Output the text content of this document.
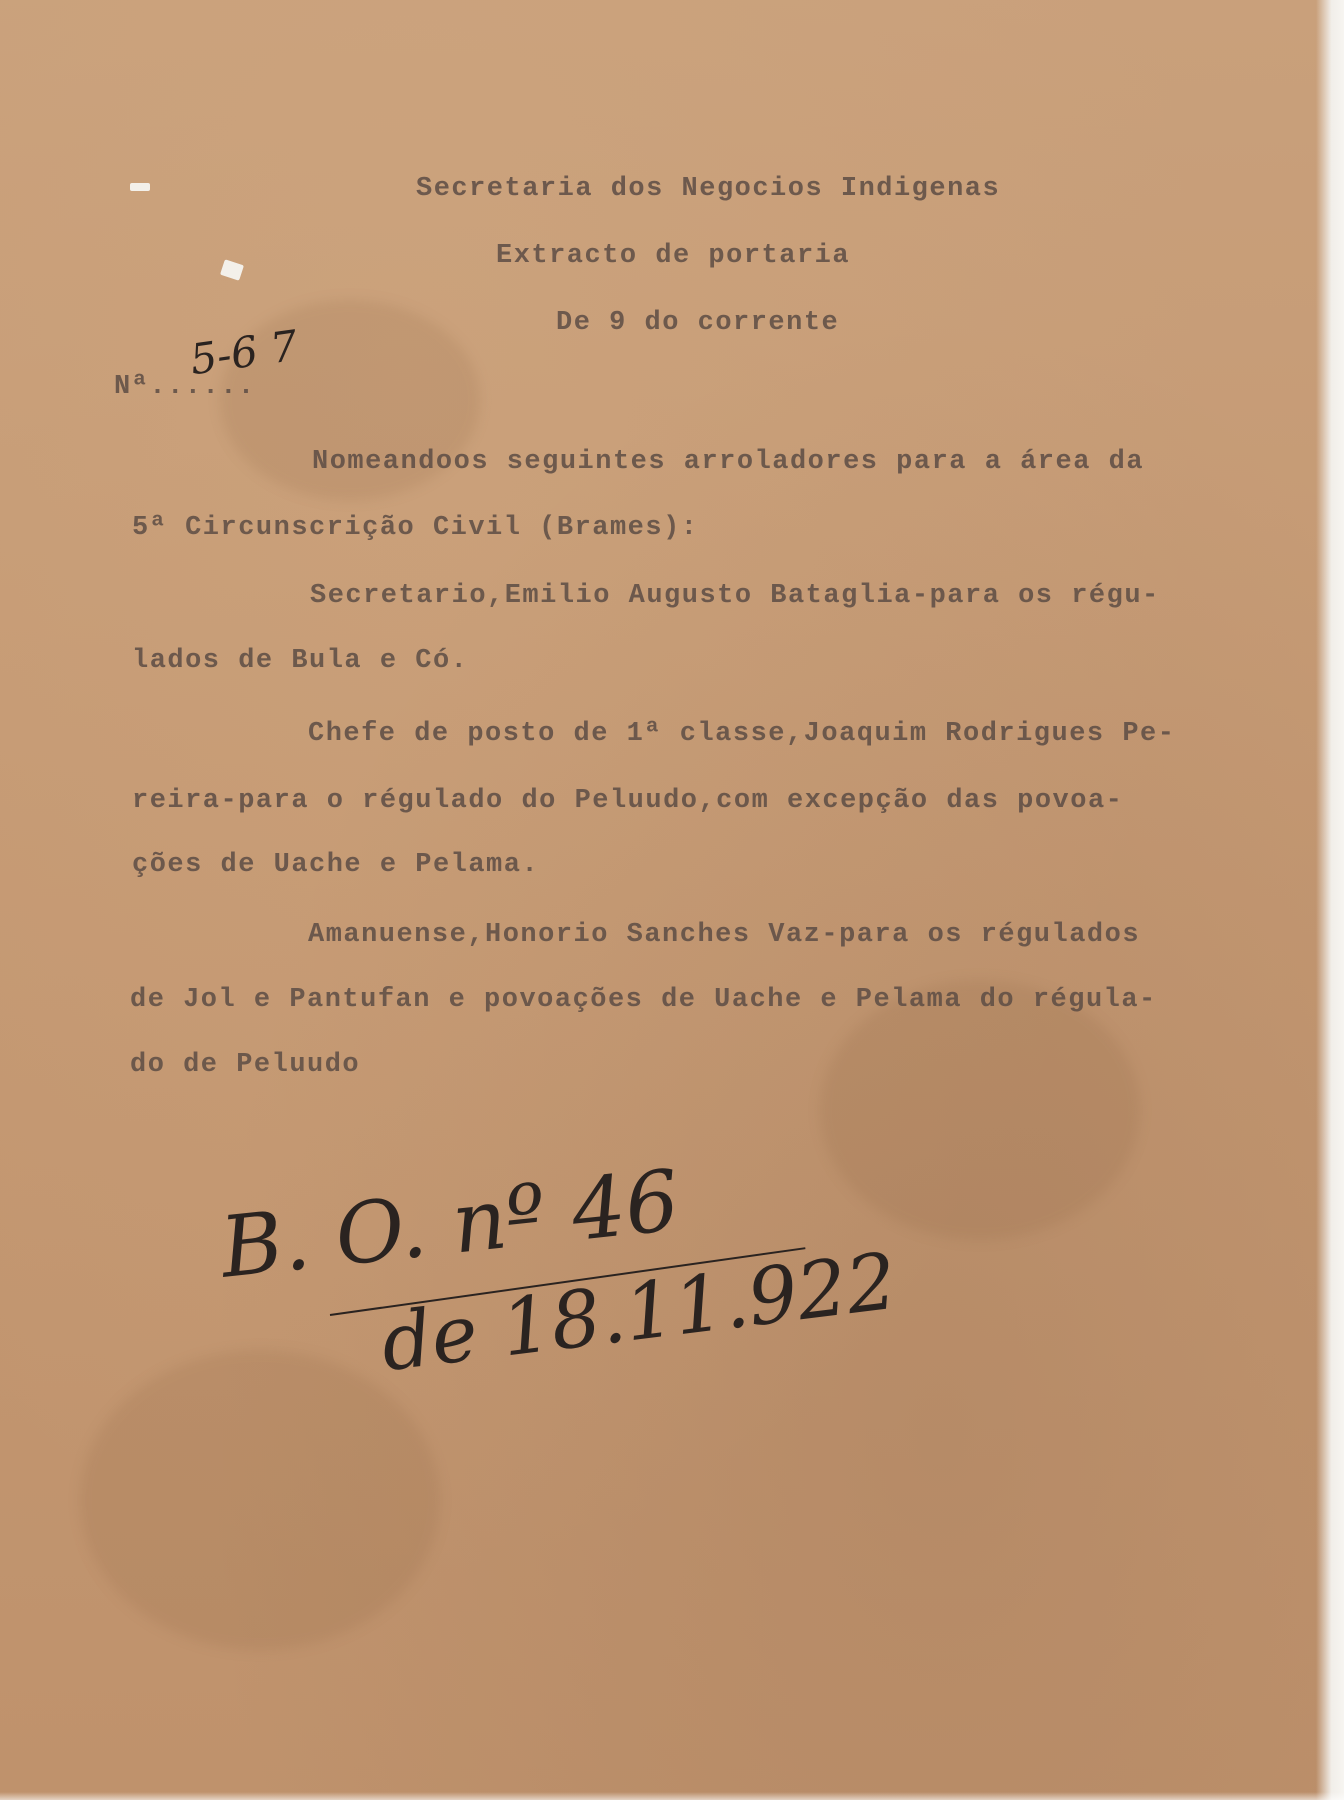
Secretaria dos Negocios Indigenas
Extracto de portaria
De 9 do corrente
Nª......
5-6 7
Nomeandoos seguintes arroladores para a área da
5ª Circunscrição Civil (Brames):
Secretario,Emilio Augusto Bataglia-para os régu-
lados de Bula e Có.
Chefe de posto de 1ª classe,Joaquim Rodrigues Pe-
reira-para o régulado do Peluudo,com excepção das povoa-
ções de Uache e Pelama.
Amanuense,Honorio Sanches Vaz-para os régulados
de Jol e Pantufan e povoações de Uache e Pelama do régula-
do de Peluudo
B. O. nº 46
de 18.11.922
